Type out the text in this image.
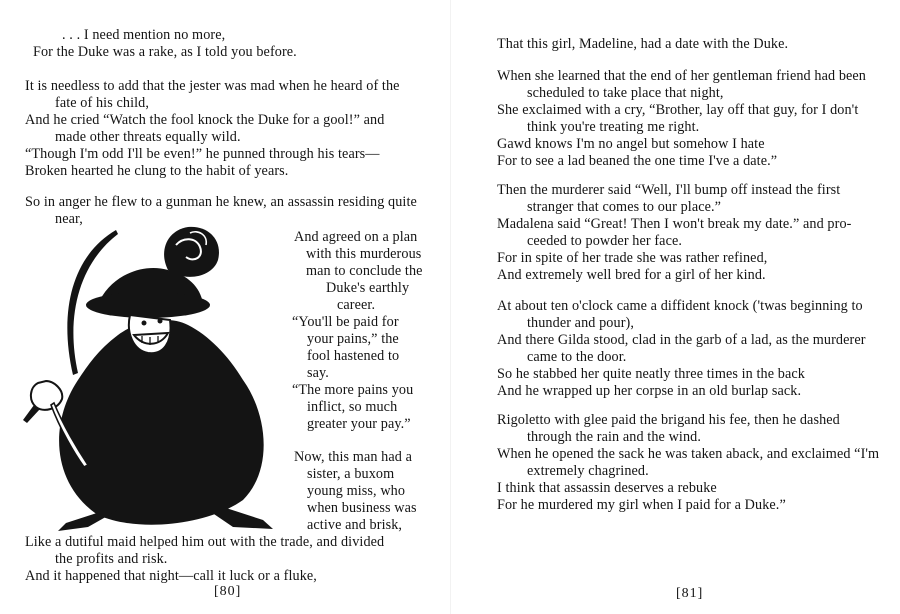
. . . I need mention no more,
For the Duke was a rake, as I told you before.
It is needless to add that the jester was mad when he heard of the
fate of his child,
And he cried “Watch the fool knock the Duke for a gool!” and
made other threats equally wild.
“Though I'm odd I'll be even!” he punned through his tears—
Broken hearted he clung to the habit of years.
So in anger he flew to a gunman he knew, an assassin residing quite
near,
And agreed on a plan
with this murderous
man to conclude the
Duke's earthly
career.
“You'll be paid for
your pains,” the
fool hastened to
say.
“The more pains you
inflict, so much
greater your pay.”
Now, this man had a
sister, a buxom
young miss, who
when business was
active and brisk,
Like a dutiful maid helped him out with the trade, and divided
the profits and risk.
And it happened that night—call it luck or a fluke,
[80]
That this girl, Madeline, had a date with the Duke.
When she learned that the end of her gentleman friend had been
scheduled to take place that night,
She exclaimed with a cry, “Brother, lay off that guy, for I don't
think you're treating me right.
Gawd knows I'm no angel but somehow I hate
For to see a lad beaned the one time I've a date.”
Then the murderer said “Well, I'll bump off instead the first
stranger that comes to our place.”
Madalena said “Great! Then I won't break my date.” and pro-
ceeded to powder her face.
For in spite of her trade she was rather refined,
And extremely well bred for a girl of her kind.
At about ten o'clock came a diffident knock ('twas beginning to
thunder and pour),
And there Gilda stood, clad in the garb of a lad, as the murderer
came to the door.
So he stabbed her quite neatly three times in the back
And he wrapped up her corpse in an old burlap sack.
Rigoletto with glee paid the brigand his fee, then he dashed
through the rain and the wind.
When he opened the sack he was taken aback, and exclaimed “I'm
extremely chagrined.
I think that assassin deserves a rebuke
For he murdered my girl when I paid for a Duke.”
[81]
